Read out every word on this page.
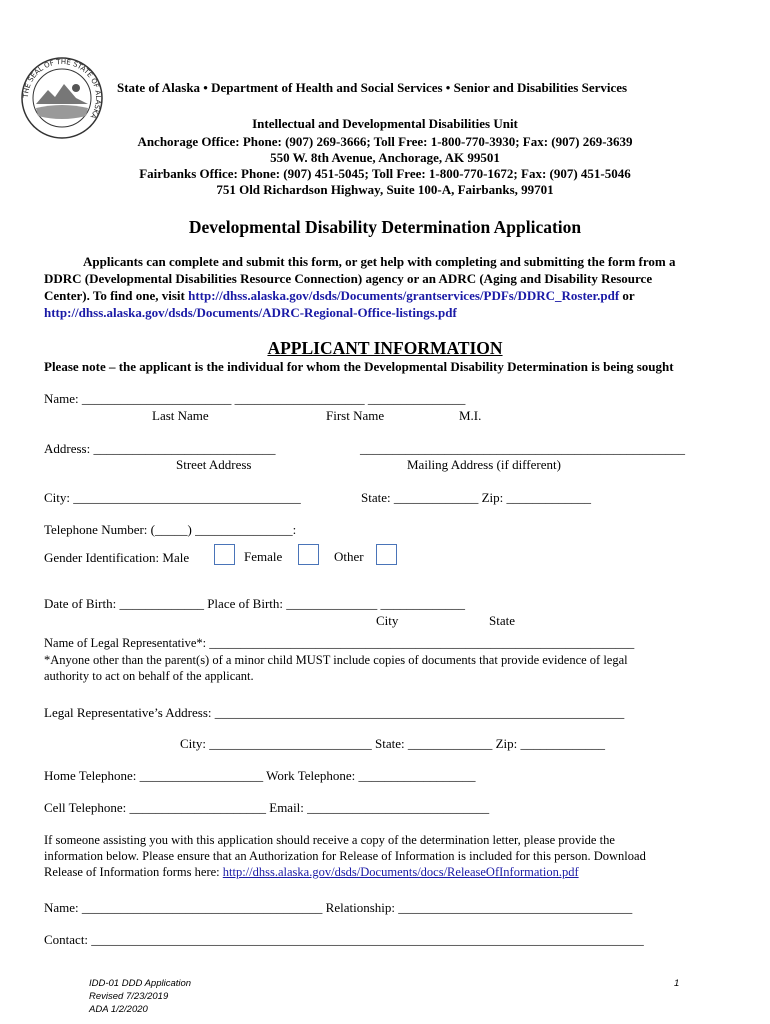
THE SEAL OF THE STATE OF ALASKA
State of Alaska • Department of Health and Social Services • Senior and Disabilities Services
Intellectual and Developmental Disabilities Unit
Anchorage Office: Phone: (907) 269-3666; Toll Free: 1-800-770-3930; Fax: (907) 269-3639
550 W. 8th Avenue, Anchorage, AK 99501
Fairbanks Office: Phone: (907) 451-5045; Toll Free: 1-800-770-1672; Fax: (907) 451-5046
751 Old Richardson Highway, Suite 100-A, Fairbanks, 99701
Developmental Disability Determination Application
Applicants can complete and submit this form, or get help with completing and submitting the form from a
DDRC (Developmental Disabilities Resource Connection) agency or an ADRC (Aging and Disability Resource
Center). To find one, visit http://dhss.alaska.gov/dsds/Documents/grantservices/PDFs/DDRC_Roster.pdf or
http://dhss.alaska.gov/dsds/Documents/ADRC-Regional-Office-listings.pdf
APPLICANT INFORMATION
Please note – the applicant is the individual for whom the Developmental Disability Determination is being sought
Name: _______________________ ____________________ _______________
Last Name	First Name	M.I.
Address: ____________________________	__________________________________________________
Street Address	Mailing Address (if different)
City: ___________________________________	State: _____________ Zip: _____________
Telephone Number: (_____) _______________:
Gender Identification: Male	Female	Other
Date of Birth: _____________ Place of Birth: ______________ _____________
City	State
Name of Legal Representative*: ____________________________________________________________________
*Anyone other than the parent(s) of a minor child MUST include copies of documents that provide evidence of legal
authority to act on behalf of the applicant.
Legal Representative’s Address: _______________________________________________________________
City: _________________________ State: _____________ Zip: _____________
Home Telephone: ___________________ Work Telephone: __________________
Cell Telephone: _____________________ Email: ____________________________
If someone assisting you with this application should receive a copy of the determination letter, please provide the
information below. Please ensure that an Authorization for Release of Information is included for this person. Download
Release of Information forms here: http://dhss.alaska.gov/dsds/Documents/docs/ReleaseOfInformation.pdf
Name: _____________________________________ Relationship: ____________________________________
Contact: _____________________________________________________________________________________
IDD-01 DDD Application
Revised 7/23/2019
ADA 1/2/2020
1
